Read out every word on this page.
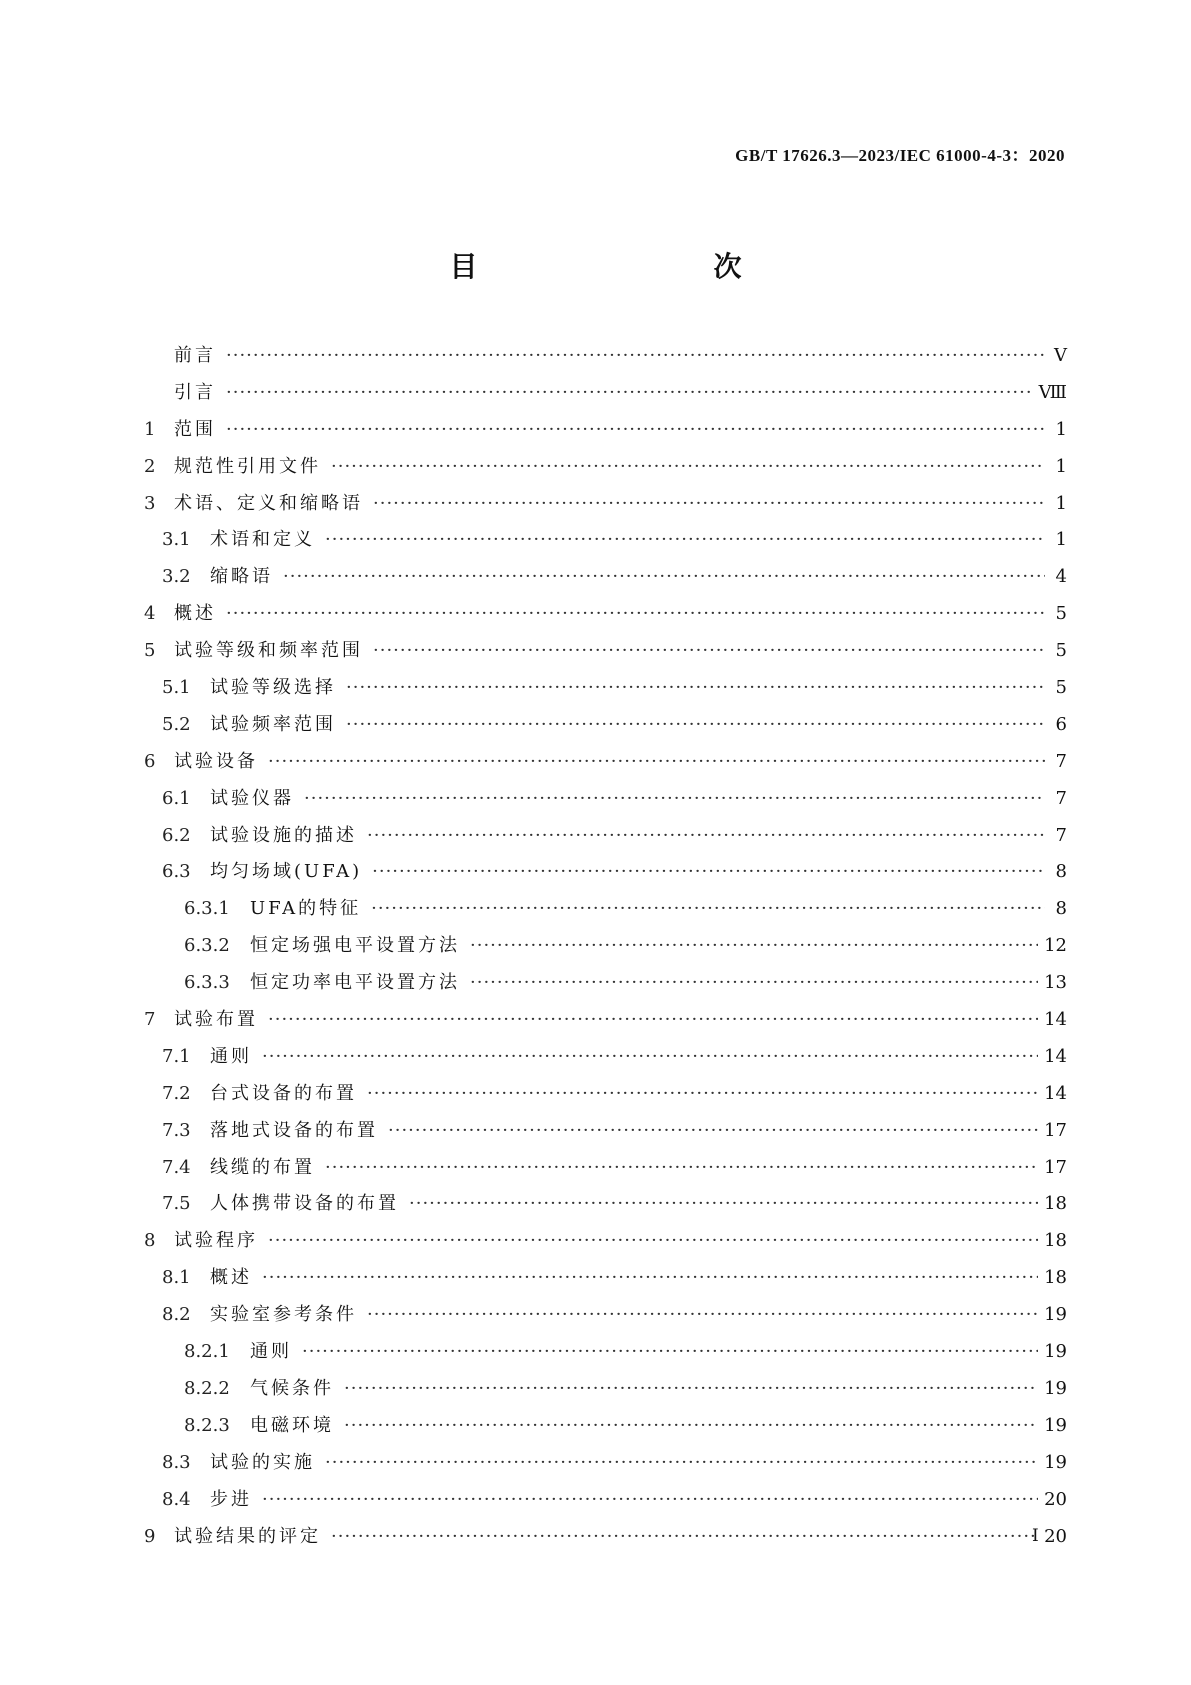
GB/T 17626.3—2023/IEC 61000-4-3：2020
目　　次
前言 ·····	Ⅴ
引言 ·····	Ⅷ
1	范围 ·····	1
2	规范性引用文件 ·····	1
3	术语、定义和缩略语 ·····	1
3.1	术语和定义 ·····	1
3.2	缩略语 ·····	4
4	概述 ·····	5
5	试验等级和频率范围 ·····	5
5.1	试验等级选择 ·····	5
5.2	试验频率范围 ·····	6
6	试验设备 ·····	7
6.1	试验仪器 ·····	7
6.2	试验设施的描述 ·····	7
6.3	均匀场域(UFA) ·····	8
6.3.1	UFA的特征 ·····	8
6.3.2	恒定场强电平设置方法 ·····	12
6.3.3	恒定功率电平设置方法 ·····	13
7	试验布置 ·····	14
7.1	通则 ·····	14
7.2	台式设备的布置 ·····	14
7.3	落地式设备的布置 ·····	17
7.4	线缆的布置 ·····	17
7.5	人体携带设备的布置 ·····	18
8	试验程序 ·····	18
8.1	概述 ·····	18
8.2	实验室参考条件 ·····	19
8.2.1	通则 ·····	19
8.2.2	气候条件 ·····	19
8.2.3	电磁环境 ·····	19
8.3	试验的实施 ·····	19
8.4	步进 ·····	20
9	试验结果的评定 ·····	20
Ⅰ
